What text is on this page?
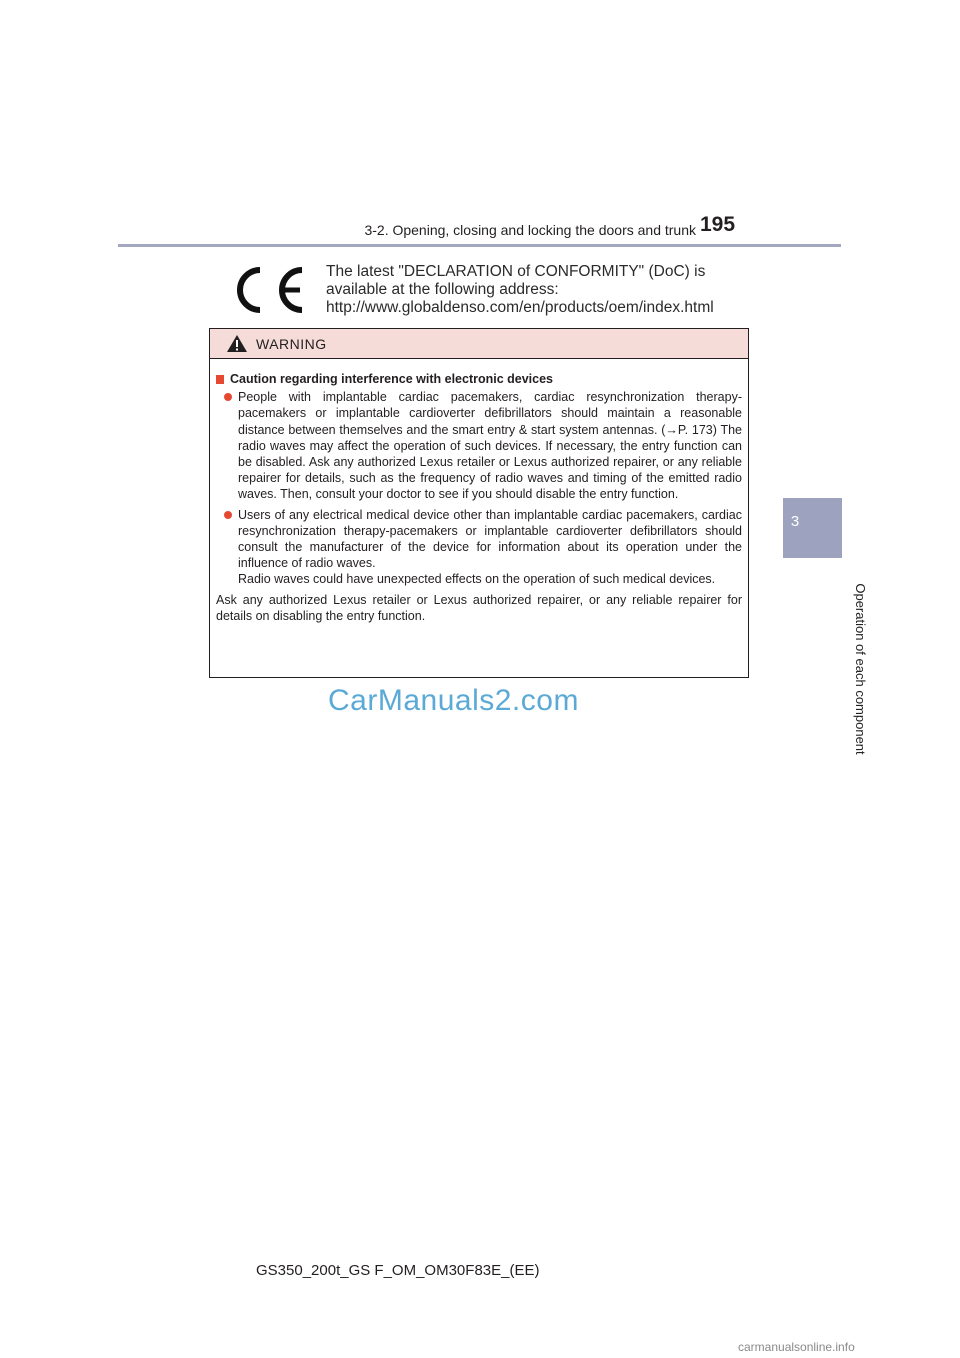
3-2. Opening, closing and locking the doors and trunk 195
3
Operation of each component
The latest "DECLARATION of CONFORMITY" (DoC) is
available at the following address:
http://www.globaldenso.com/en/products/oem/index.html
WARNING
Caution regarding interference with electronic devices

People with implantable cardiac pacemakers, cardiac resynchronization therapy-pacemakers or implantable cardioverter defibrillators should maintain a reasonable distance between themselves and the smart entry & start system antennas. (→P. 173) The radio waves may affect the operation of such devices. If necessary, the entry function can be disabled. Ask any authorized Lexus retailer or Lexus authorized repairer, or any reliable repairer for details, such as the frequency of radio waves and timing of the emitted radio waves. Then, consult your doctor to see if you should disable the entry function.

Users of any electrical medical device other than implantable cardiac pacemakers, cardiac resynchronization therapy-pacemakers or implantable cardioverter defibrillators should consult the manufacturer of the device for information about its operation under the influence of radio waves.

Radio waves could have unexpected effects on the operation of such medical devices.

Ask any authorized Lexus retailer or Lexus authorized repairer, or any reliable repairer for details on disabling the entry function.
CarManuals2.com
GS350_200t_GS F_OM_OM30F83E_(EE)
carmanualsonline.info
